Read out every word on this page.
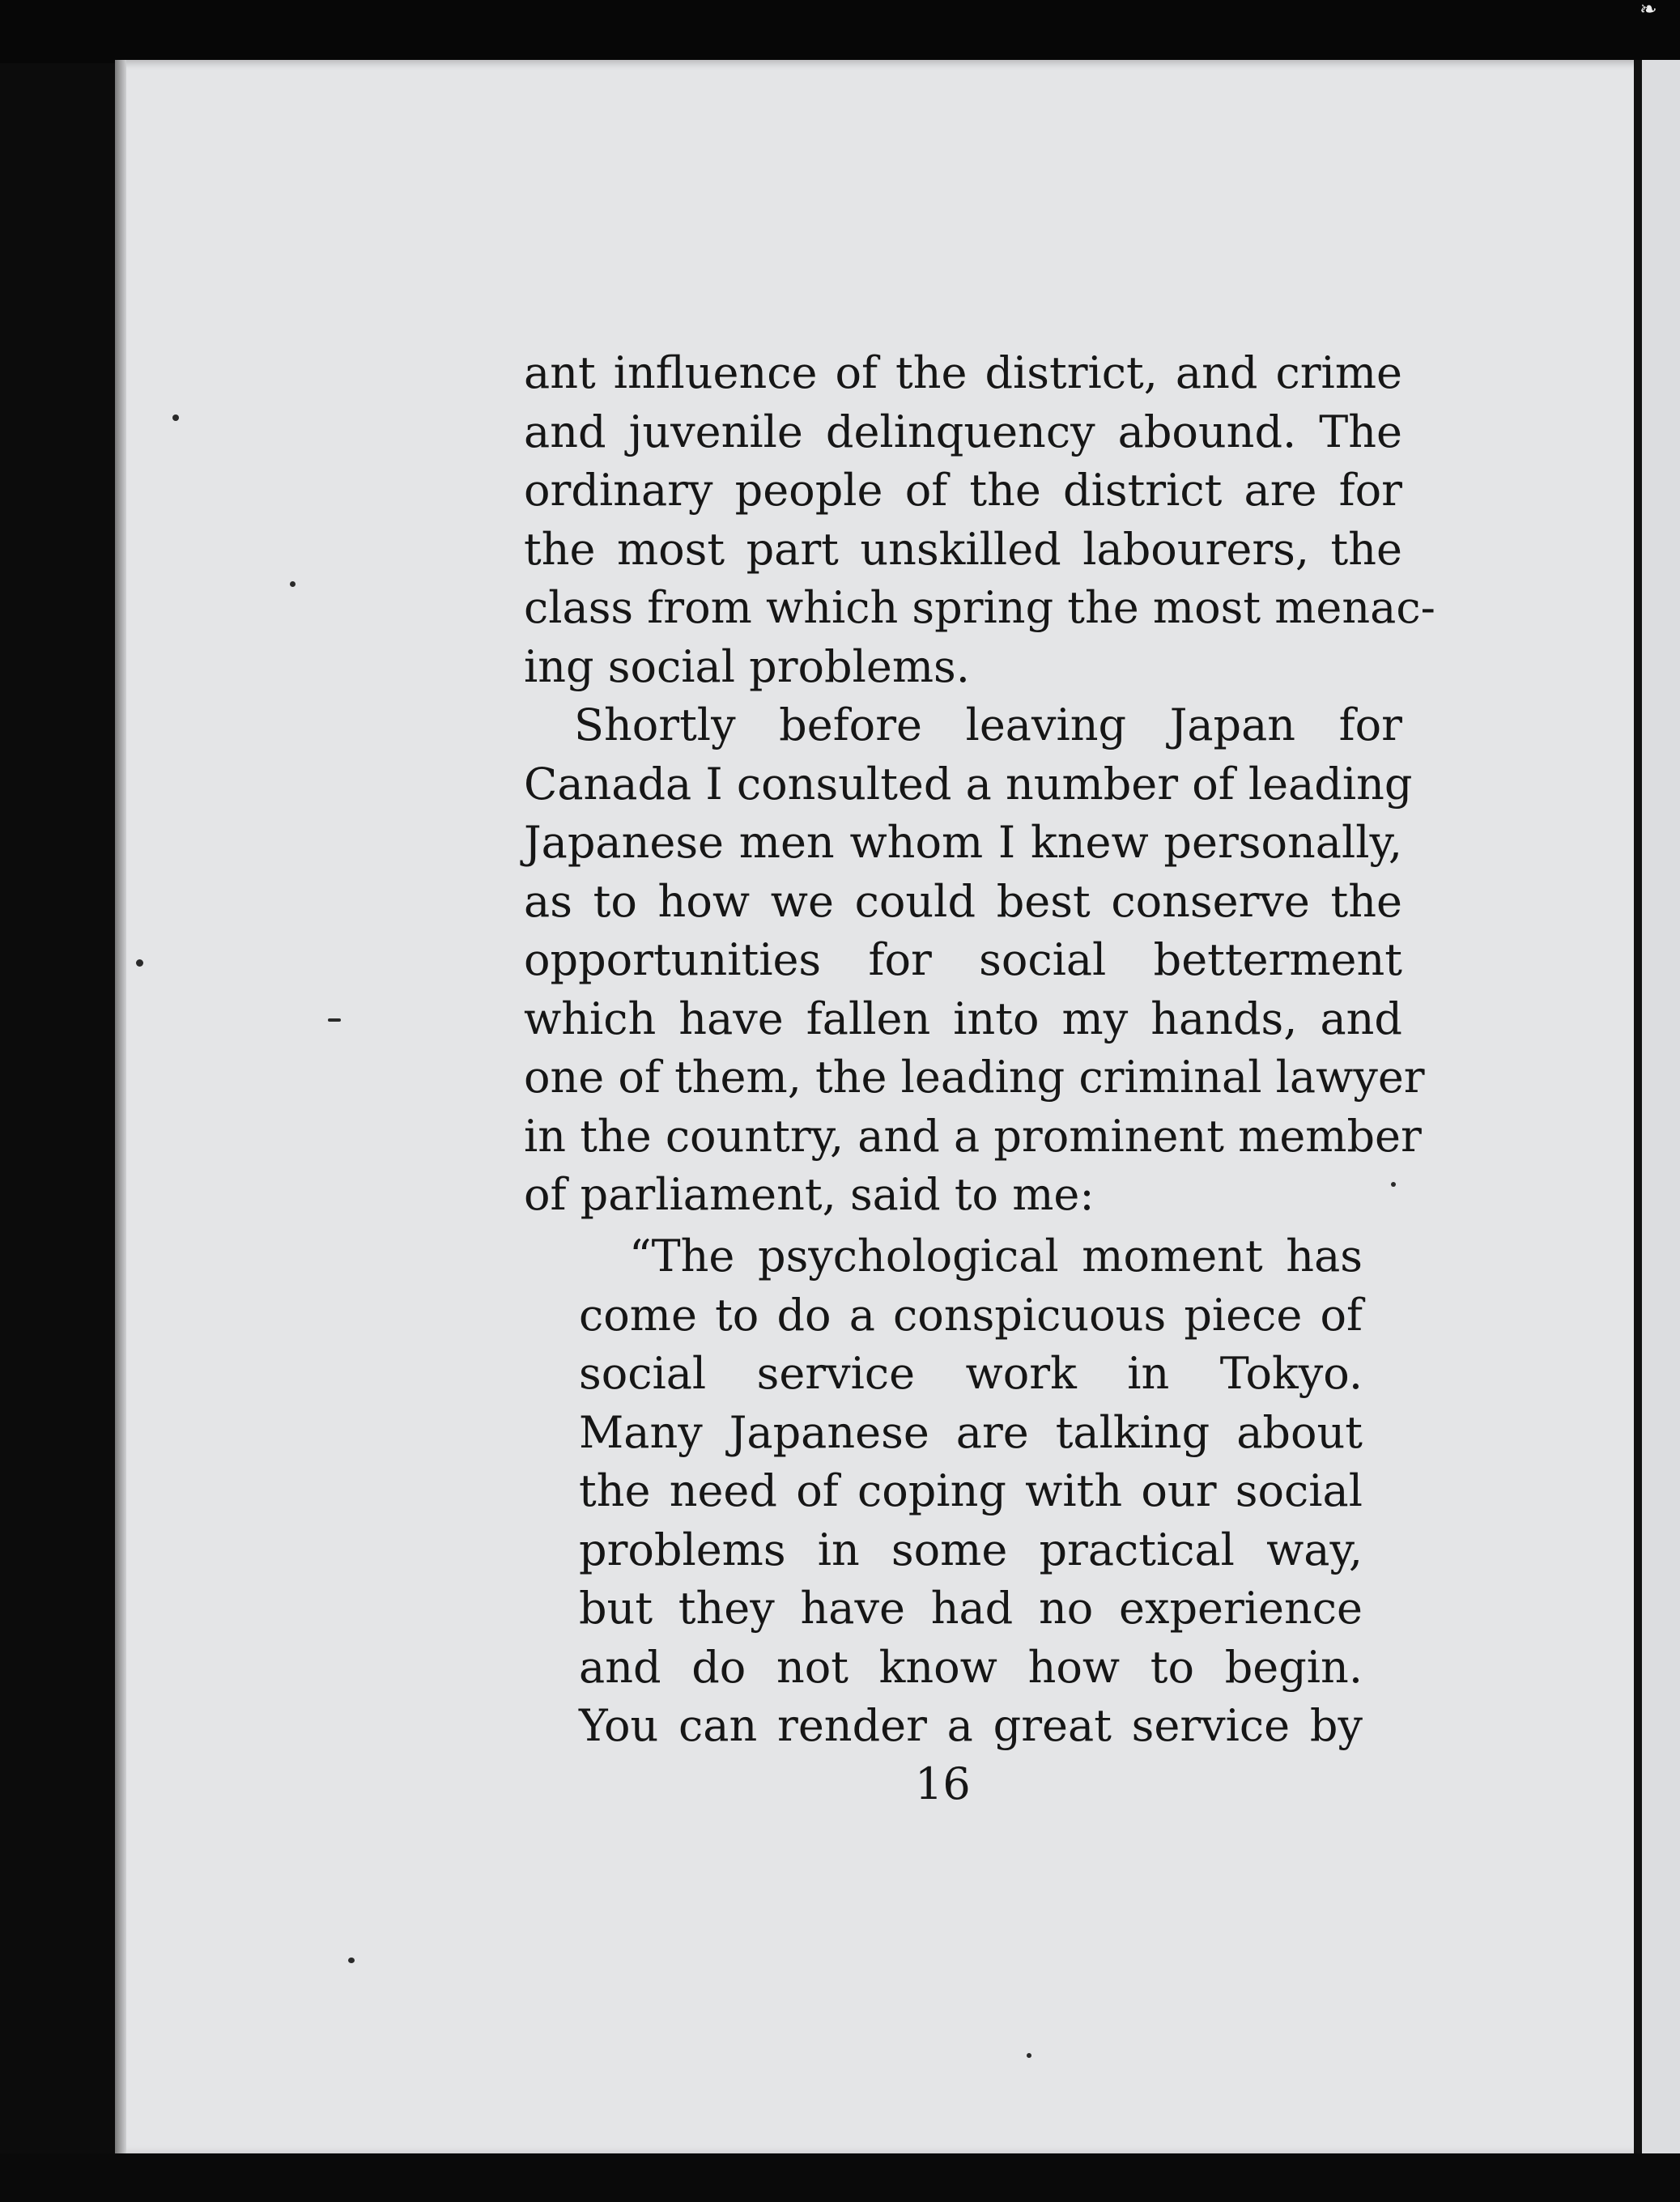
❧
ant influence of the district, and crime
and juvenile delinquency abound. The
ordinary people of the district are for
the most part unskilled labourers, the
class from which spring the most menac-
ing social problems.
Shortly before leaving Japan for
Canada I consulted a number of leading
Japanese men whom I knew personally,
as to how we could best conserve the
opportunities for social betterment
which have fallen into my hands, and
one of them, the leading criminal lawyer
in the country, and a prominent member
of parliament, said to me:
“The psychological moment has
come to do a conspicuous piece of
social service work in Tokyo.
Many Japanese are talking about
the need of coping with our social
problems in some practical way,
but they have had no experience
and do not know how to begin.
You can render a great service by
16
